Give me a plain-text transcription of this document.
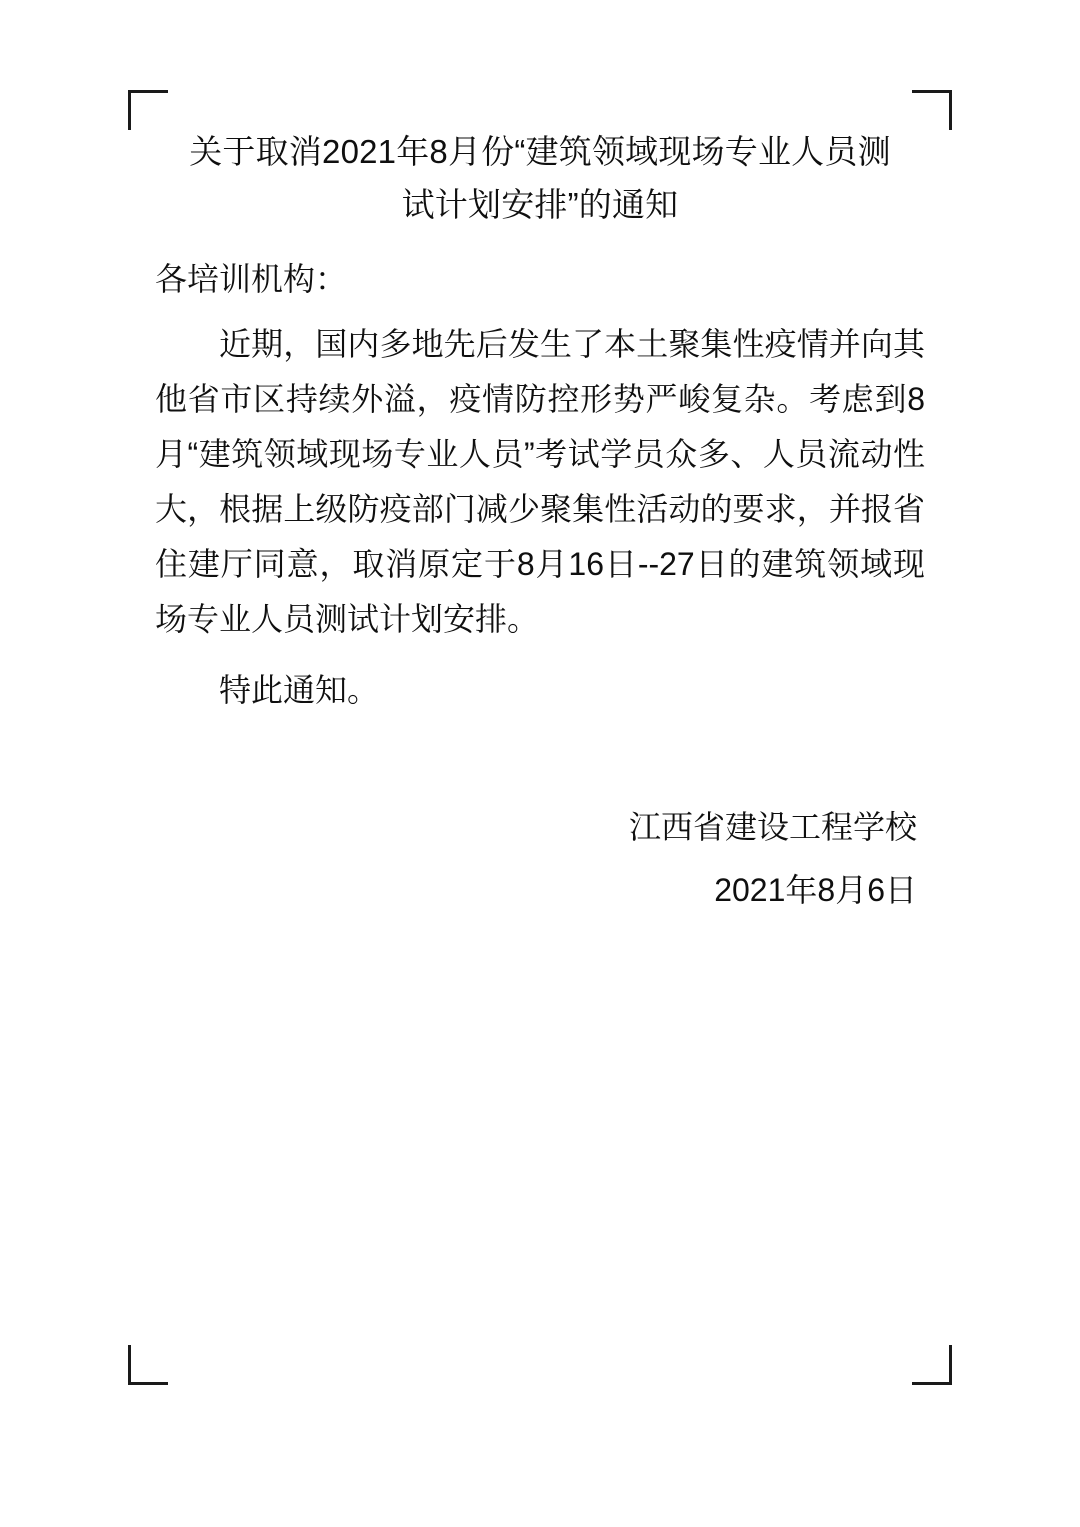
关于取消2021年8月份“建筑领域现场专业人员测试计划安排”的通知

各培训机构：

近期，国内多地先后发生了本土聚集性疫情并向其他省市区持续外溢，疫情防控形势严峻复杂。考虑到8月“建筑领域现场专业人员”考试学员众多、人员流动性大，根据上级防疫部门减少聚集性活动的要求，并报省住建厅同意，取消原定于8月16日--27日的建筑领域现场专业人员测试计划安排。

特此通知。

江西省建设工程学校
2021年8月6日
